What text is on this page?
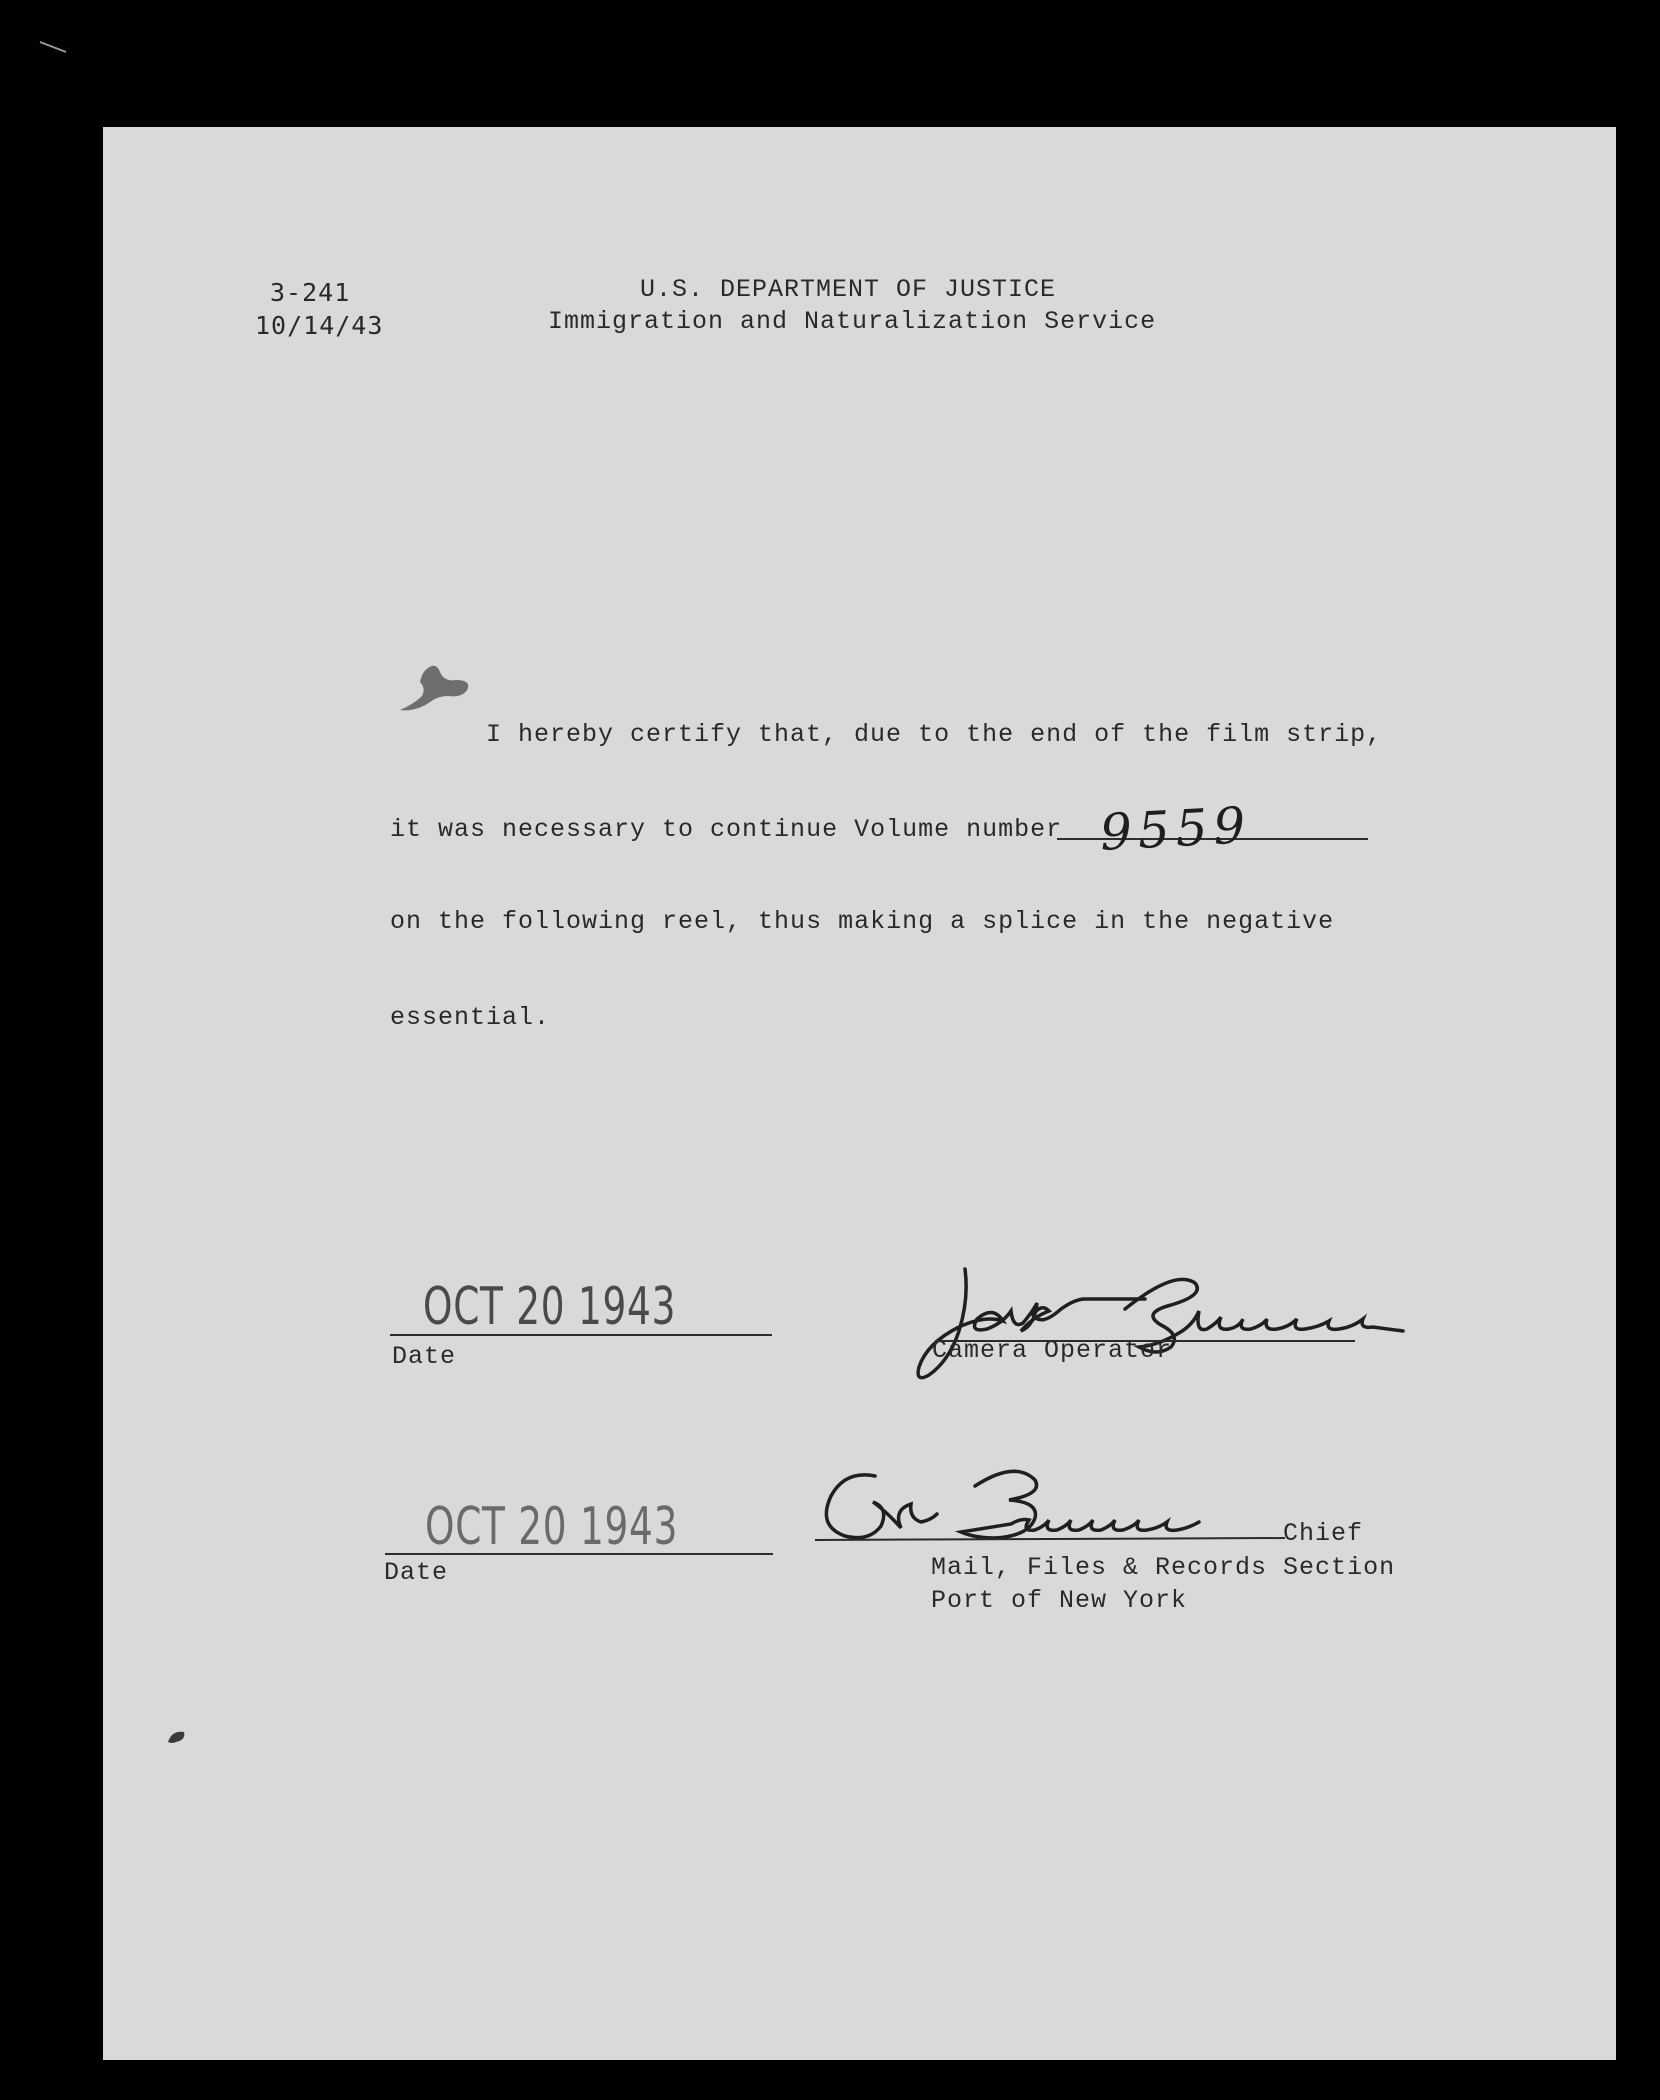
3-241
10/14/43
U.S. DEPARTMENT OF JUSTICE
Immigration and Naturalization Service
I hereby certify that, due to the end of the film strip,
it was necessary to continue Volume number 9559
on the following reel, thus making a splice in the negative
essential.
OCT 20 1943
Date	Camera Operator
OCT 20 1943
Date
Chief
Mail, Files & Records Section
Port of New York
